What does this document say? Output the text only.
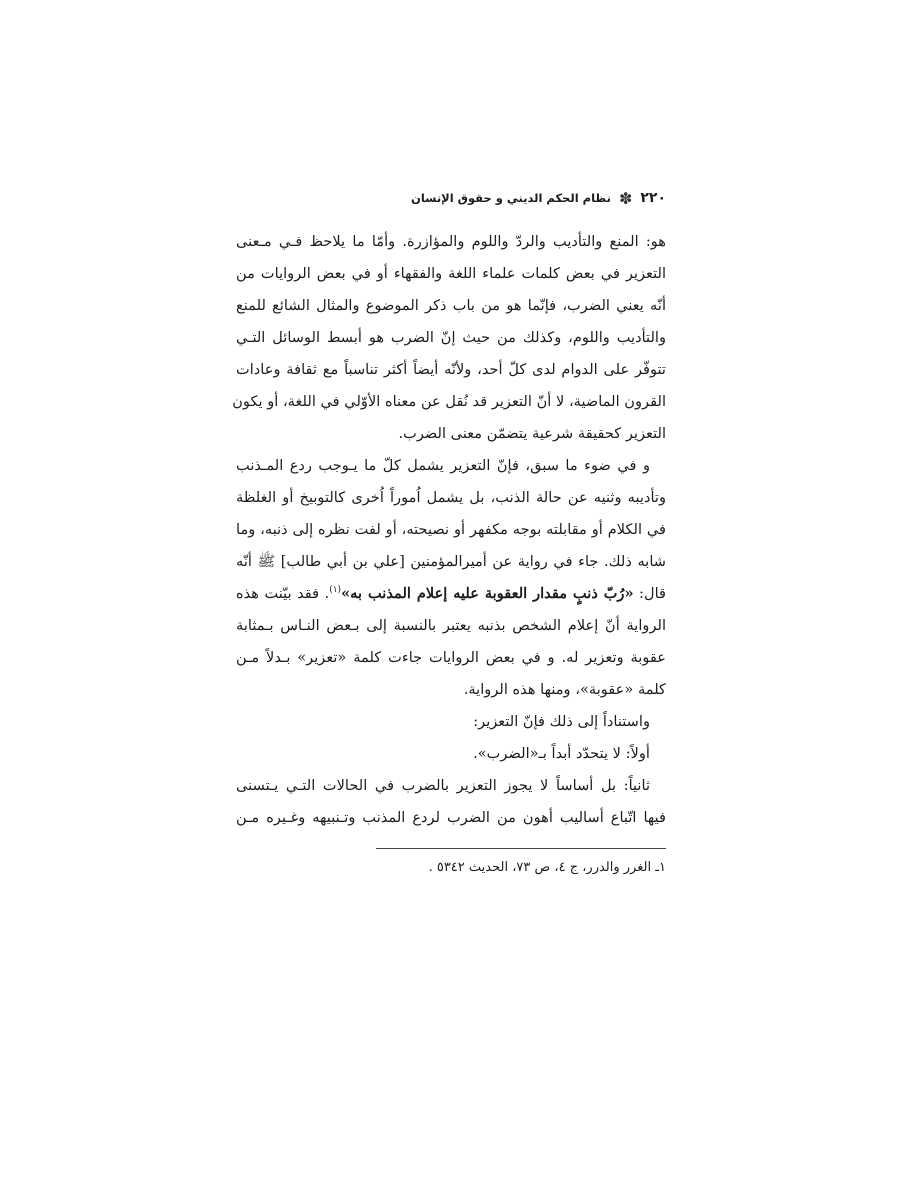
٢٢٠
✽
نظام الحكم الديني و حقوق الإنسان
هو: المنع والتأديب والردّ واللوم والمؤازرة. وأمّا ما يلاحظ فـي مـعنى
التعزير في بعض كلمات علماء اللغة والفقهاء أو في بعض الروايات من
أنّه يعني الضرب، فإنّما هو من باب ذكر الموضوع والمثال الشائع للمنع
والتأديب واللوم، وكذلك من حيث إنّ الضرب هو أبسط الوسائل التـي
تتوفّر على الدوام لدى كلّ أحد، ولأنّه أيضاً أكثر تناسباً مع ثقافة وعادات
القرون الماضية، لا أنّ التعزير قد نُقل عن معناه الأوّلي في اللغة، أو يكون
التعزير كحقيقة شرعية يتضمّن معنى الضرب.
و في ضوء ما سبق، فإنّ التعزير يشمل كلّ ما يـوجب ردع المـذنب
وتأديبه وثنيه عن حالة الذنب، بل يشمل اُموراً اُخرى كالتوبيخ أو الغلظة
في الكلام أو مقابلته بوجه مكفهر أو نصيحته، أو لفت نظره إلى ذنبه، وما
شابه ذلك. جاء في رواية عن أميرالمؤمنين [علي بن أبي طالب] ﷺ أنّه
قال: «رُبّ ذنبٍ مقدار العقوبة عليه إعلام المذنب به»$^{(١)}$. فقد بيّنت هذه
الرواية أنّ إعلام الشخص بذنبه يعتبر بالنسبة إلى بـعض النـاس بـمثابة
عقوبة وتعزير له. و في بعض الروايات جاءت كلمة «تعزير» بـدلاً مـن
كلمة «عقوبة»، ومنها هذه الرواية.
واستناداً إلى ذلك فإنّ التعزير:
أولاً: لا يتحدّد أبداً بـ«الضرب».
ثانياً: بل أساساً لا يجوز التعزير بالضرب في الحالات التـي يـتسنى
فيها اتّباع أساليب أهون من الضرب لردع المذنب وتـنبيهه وغـيره مـن
١ـ الغرر والدرر، ج ٤، ص ٧٣، الحديث ٥٣٤٢ .
